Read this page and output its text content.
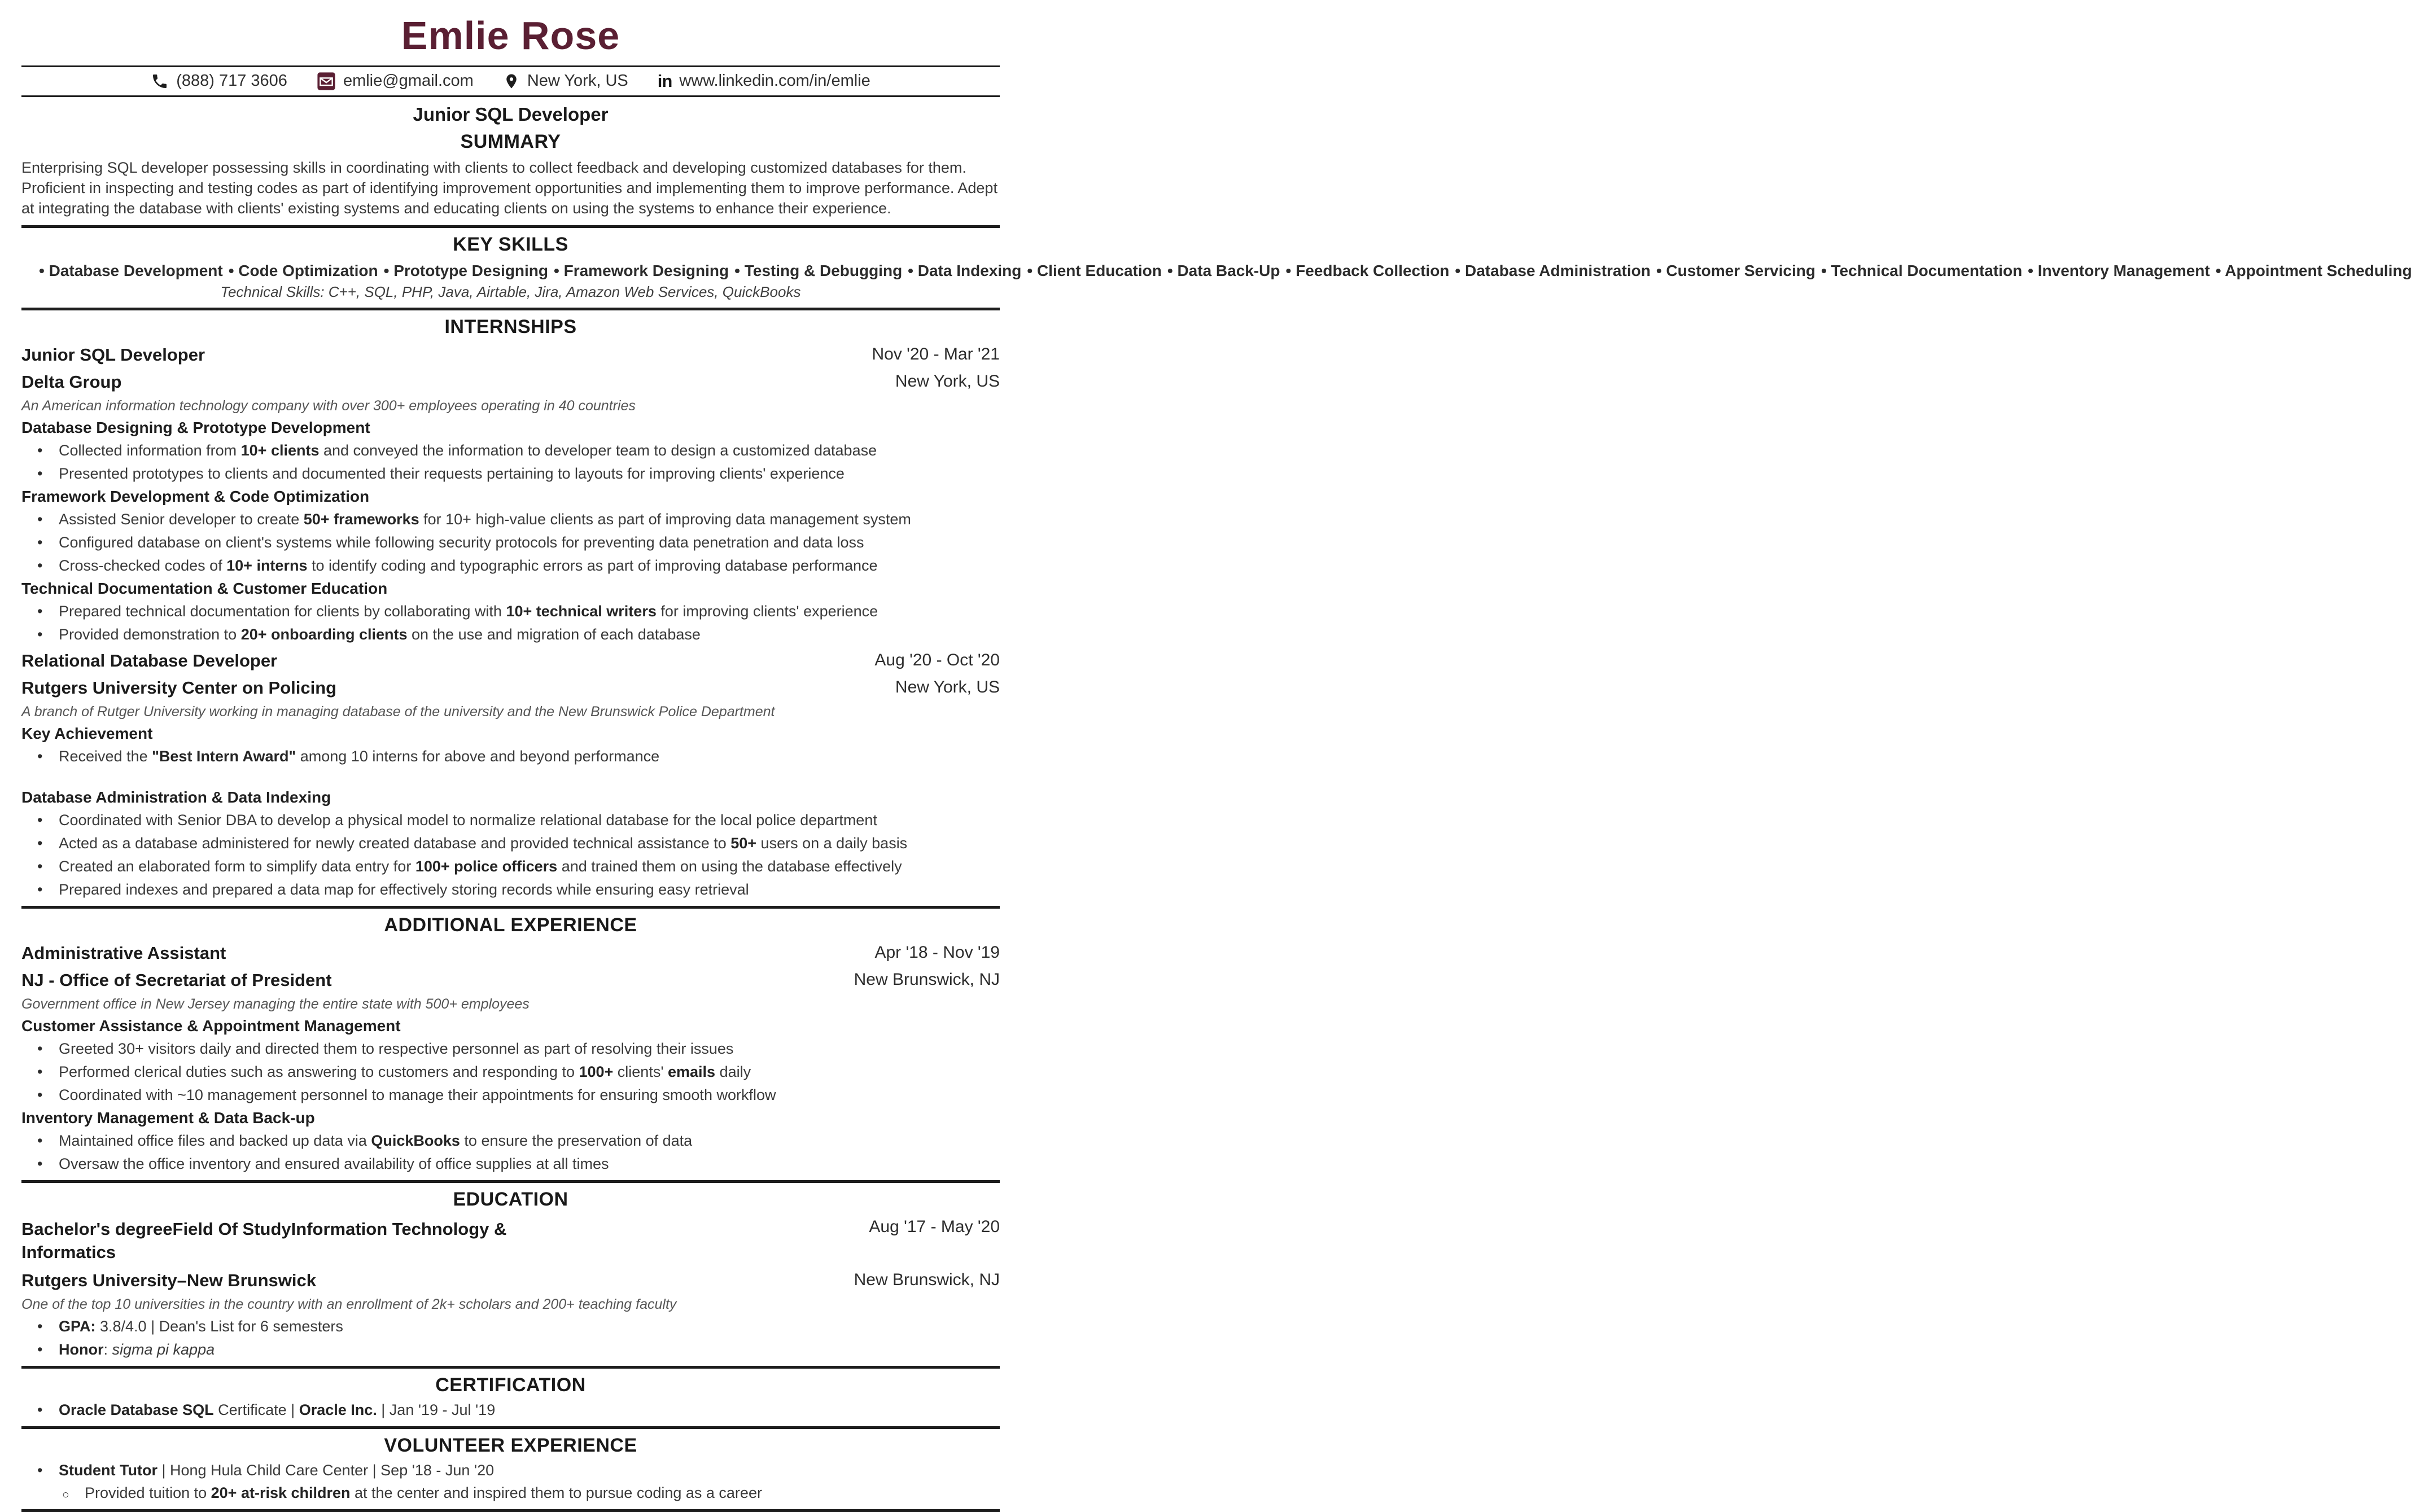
Emlie Rose
(888) 717 3606	emlie@gmail.com	New York, US in	www.linkedin.com/in/emlie
Junior SQL Developer
SUMMARY

Enterprising SQL developer possessing skills in coordinating with clients to collect feedback and developing customized databases for them. Proficient in inspecting and testing codes as part of identifying improvement opportunities and implementing them to improve performance. Adept at integrating the database with clients' existing systems and educating clients on using the systems to enhance their experience.

KEY SKILLS
• Database Development • Code Optimization • Prototype Designing • Framework Designing • Testing & Debugging • Data Indexing • Client Education • Data Back-Up • Feedback Collection • Database Administration • Customer Servicing • Technical Documentation • Inventory Management • Appointment Scheduling
Technical Skills: C++, SQL, PHP, Java, Airtable, Jira, Amazon Web Services, QuickBooks
INTERNSHIPS
Junior SQL Developer	Nov '20 - Mar '21
Delta Group	New York, US
An American information technology company with over 300+ employees operating in 40 countries
Database Designing & Prototype Development
• Collected information from 10+ clients and conveyed the information to developer team to design a customized database
• Presented prototypes to clients and documented their requests pertaining to layouts for improving clients' experience
Framework Development & Code Optimization
• Assisted Senior developer to create 50+ frameworks for 10+ high-value clients as part of improving data management system
• Configured database on client's systems while following security protocols for preventing data penetration and data loss
• Cross-checked codes of 10+ interns to identify coding and typographic errors as part of improving database performance
Technical Documentation & Customer Education
• Prepared technical documentation for clients by collaborating with 10+ technical writers for improving clients' experience
• Provided demonstration to 20+ onboarding clients on the use and migration of each database
Relational Database Developer	Aug '20 - Oct '20
Rutgers University Center on Policing	New York, US
A branch of Rutger University working in managing database of the university and the New Brunswick Police Department
Key Achievement
• Received the "Best Intern Award" among 10 interns for above and beyond performance
Database Administration & Data Indexing
• Coordinated with Senior DBA to develop a physical model to normalize relational database for the local police department
• Acted as a database administered for newly created database and provided technical assistance to 50+ users on a daily basis
• Created an elaborated form to simplify data entry for 100+ police officers and trained them on using the database effectively
• Prepared indexes and prepared a data map for effectively storing records while ensuring easy retrieval
ADDITIONAL EXPERIENCE
Administrative Assistant	Apr '18 - Nov '19
NJ - Office of Secretariat of President	New Brunswick, NJ
Government office in New Jersey managing the entire state with 500+ employees
Customer Assistance & Appointment Management
• Greeted 30+ visitors daily and directed them to respective personnel as part of resolving their issues
• Performed clerical duties such as answering to customers and responding to 100+ clients' emails daily
• Coordinated with ~10 management personnel to manage their appointments for ensuring smooth workflow
Inventory Management & Data Back-up
• Maintained office files and backed up data via QuickBooks to ensure the preservation of data
• Oversaw the office inventory and ensured availability of office supplies at all times
EDUCATION
Bachelor's degreeField Of StudyInformation Technology & Informatics
Aug '17 - May '20
Rutgers University–New Brunswick	New Brunswick, NJ
One of the top 10 universities in the country with an enrollment of 2k+ scholars and 200+ teaching faculty
• GPA: 3.8/4.0 | Dean's List for 6 semesters
• Honor: sigma pi kappa
CERTIFICATION
• Oracle Database SQL Certificate | Oracle Inc. | Jan '19 - Jul '19
VOLUNTEER EXPERIENCE
• Student Tutor | Hong Hula Child Care Center | Sep '18 - Jun '20
○ Provided tuition to 20+ at-risk children at the center and inspired them to pursue coding as a career
